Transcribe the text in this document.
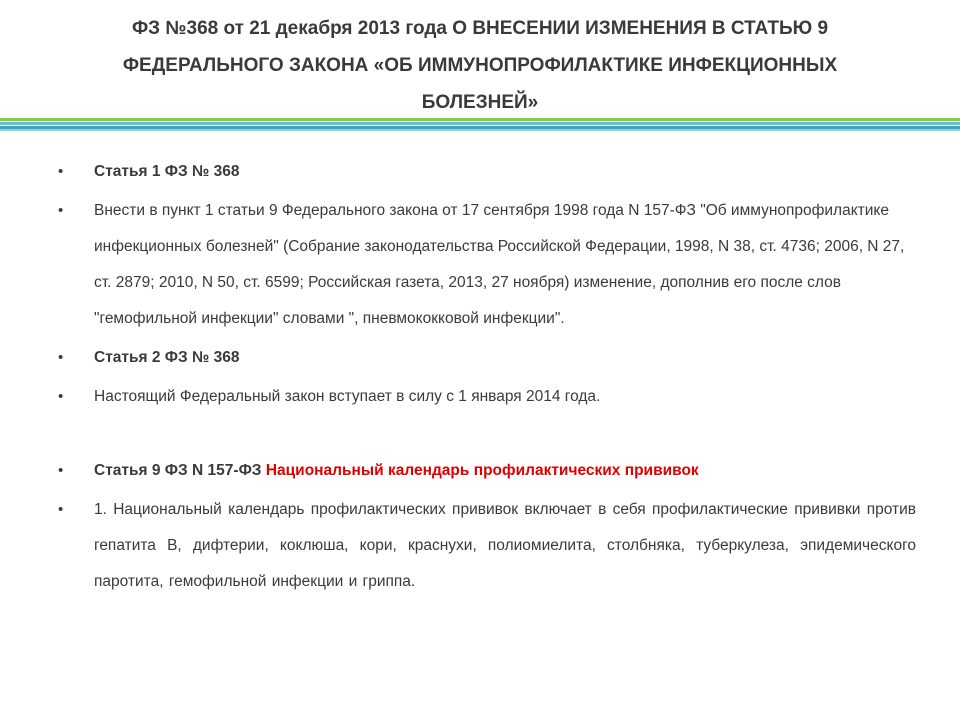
ФЗ №368 от 21 декабря 2013 года О ВНЕСЕНИИ ИЗМЕНЕНИЯ В СТАТЬЮ 9
ФЕДЕРАЛЬНОГО ЗАКОНА «ОБ ИММУНОПРОФИЛАКТИКЕ ИНФЕКЦИОННЫХ
БОЛЕЗНЕЙ»
• Статья 1 ФЗ № 368
• Внести в пункт 1 статьи 9 Федерального закона от 17 сентября 1998 года N 157-ФЗ "Об иммунопрофилактике инфекционных болезней" (Собрание законодательства Российской Федерации, 1998, N 38, ст. 4736; 2006, N 27, ст. 2879; 2010, N 50, ст. 6599; Российская газета, 2013, 27 ноября) изменение, дополнив его после слов "гемофильной инфекции" словами ", пневмококковой инфекции".
• Статья 2 ФЗ № 368
• Настоящий Федеральный закон вступает в силу с 1 января 2014 года.
• Статья 9 ФЗ N 157-ФЗ Национальный календарь профилактических прививок
• 1. Национальный календарь профилактических прививок включает в себя профилактические прививки против гепатита В, дифтерии, коклюша, кори, краснухи, полиомиелита, столбняка, туберкулеза, эпидемического паротита, гемофильной инфекции и гриппа.
